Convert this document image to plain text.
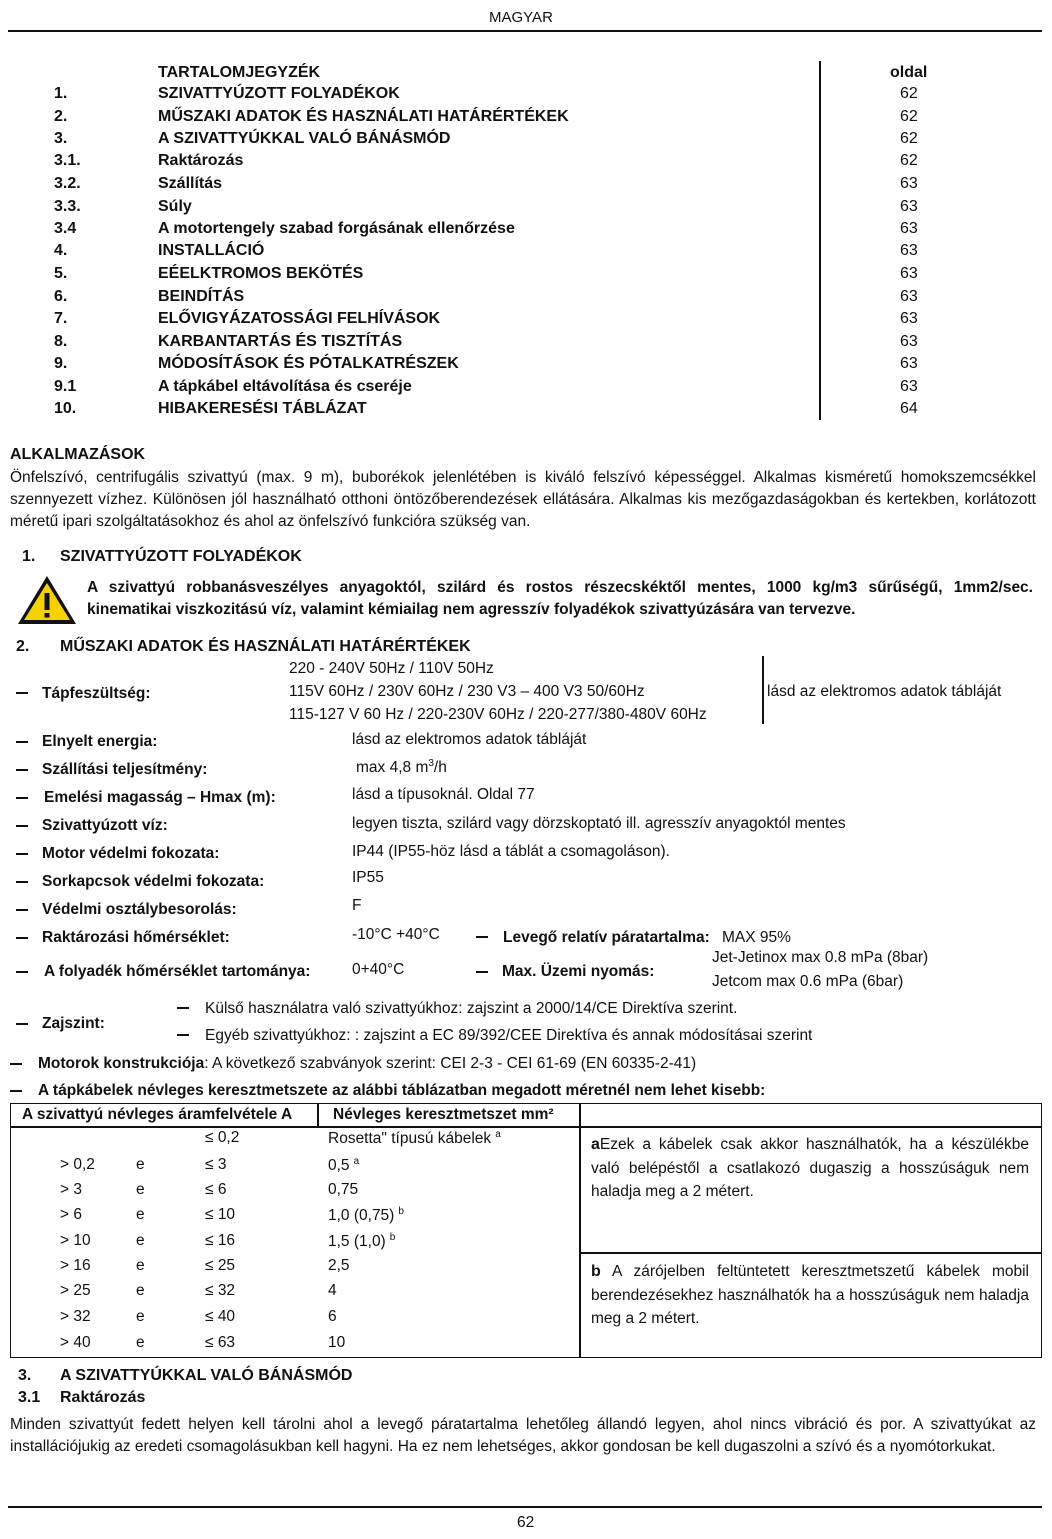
MAGYAR
TARTALOMJEGYZÉK	oldal
1.	SZIVATTYÚZOTT FOLYADÉKOK	62
2.	MŰSZAKI ADATOK ÉS HASZNÁLATI HATÁRÉRTÉKEK	62
3.	A SZIVATTYÚKKAL VALÓ BÁNÁSMÓD	62
3.1.	Raktározás	62
3.2.	Szállítás	63
3.3.	Súly	63
3.4	A motortengely szabad forgásának ellenőrzése	63
4.	INSTALLÁCIÓ	63
5.	EÉELKTROMOS BEKÖTÉS	63
6.	BEINDÍTÁS	63
7.	ELŐVIGYÁZATOSSÁGI FELHÍVÁSOK	63
8.	KARBANTARTÁS ÉS TISZTÍTÁS	63
9.	MÓDOSÍTÁSOK ÉS PÓTALKATRÉSZEK	63
9.1	A tápkábel eltávolítása és cseréje	63
10.	HIBAKERESÉSI TÁBLÁZAT	64
ALKALMAZÁSOK
Önfelszívó, centrifugális szivattyú (max. 9 m), buborékok jelenlétében is kiváló felszívó képességgel. Alkalmas kisméretű homokszemcsékkel szennyezett vízhez. Különösen jól használható otthoni öntözőberendezések ellátására. Alkalmas kis mezőgazdaságokban és kertekben, korlátozott méretű ipari szolgáltatásokhoz és ahol az önfelszívó funkcióra szükség van.
1. SZIVATTYÚZOTT FOLYADÉKOK
A szivattyú robbanásveszélyes anyagoktól, szilárd és rostos részecskéktől mentes, 1000 kg/m3 sűrűségű, 1mm2/sec.
kinematikai viszkozitású víz, valamint kémiailag nem agresszív folyadékok szivattyúzására van tervezve.
2. MŰSZAKI ADATOK ÉS HASZNÁLATI HATÁRÉRTÉKEK
Tápfeszültség:
220 - 240V 50Hz / 110V 50Hz
115V 60Hz / 230V 60Hz / 230 V3 – 400 V3 50/60Hz
115-127 V 60 Hz / 220-230V 60Hz / 220-277/380-480V 60Hz
lásd az elektromos adatok tábláját
Elnyelt energia:	lásd az elektromos adatok tábláját
Szállítási teljesítmény:	max 4,8 $m^3/h$
Emelési magasság – Hmax (m):	lásd a típusoknál. Oldal 77
Szivattyúzott víz:	legyen tiszta, szilárd vagy dörzskoptató ill. agresszív anyagoktól mentes
Motor védelmi fokozata:	IP44 (IP55-höz lásd a táblát a csomagoláson).
Sorkapcsok védelmi fokozata:	IP55
Védelmi osztálybesorolás:	F
Raktározási hőmérséklet:	-10°C +40°C	Levegő relatív páratartalma: MAX 95%
A folyadék hőmérséklet tartománya:	0+40°C	Max. Üzemi nyomás:
Jet-Jetinox max 0.8 mPa (8bar)
Jetcom max 0.6 mPa (6bar)
Zajszint:
Külső használatra való szivattyúkhoz: zajszint a 2000/14/CE Direktíva szerint.
Egyéb szivattyúkhoz: : zajszint a EC 89/392/CEE Direktíva és annak módosításai szerint
Motorok konstrukciója: A következő szabványok szerint: CEI 2-3 - CEI 61-69 (EN 60335-2-41)
A tápkábelek névleges keresztmetszete az alábbi táblázatban megadott méretnél nem lehet kisebb:
A szivattyú névleges áramfelvétele A	Névleges keresztmetszet mm²
≤ 0,2	Rosetta" típusú kábelek $^a$
> 0,2	e	≤ 3	0,5 $^a$
> 3	e	≤ 6	0,75
> 6	e	≤ 10	1,0 (0,75) $^b$
> 10	e	≤ 16	1,5 (1,0) $^b$
> 16	e	≤ 25	2,5
> 25	e	≤ 32	4
> 32	e	≤ 40	6
> 40	e	≤ 63	10
aEzek a kábelek csak akkor használhatók, ha a készülékbe való belépéstől a csatlakozó dugaszig a hosszúságuk nem haladja meg a 2 métert.
b A zárójelben feltüntetett keresztmetszetű kábelek mobil berendezésekhez használhatók ha a hosszúságuk nem haladja meg a 2 métert.
3. A SZIVATTYÚKKAL VALÓ BÁNÁSMÓD
3.1 Raktározás
Minden szivattyút fedett helyen kell tárolni ahol a levegő páratartalma lehetőleg állandó legyen, ahol nincs vibráció és por. A szivattyúkat az installációjukig az eredeti csomagolásukban kell hagyni. Ha ez nem lehetséges, akkor gondosan be kell dugaszolni a szívó és a nyomótorkukat.
62
